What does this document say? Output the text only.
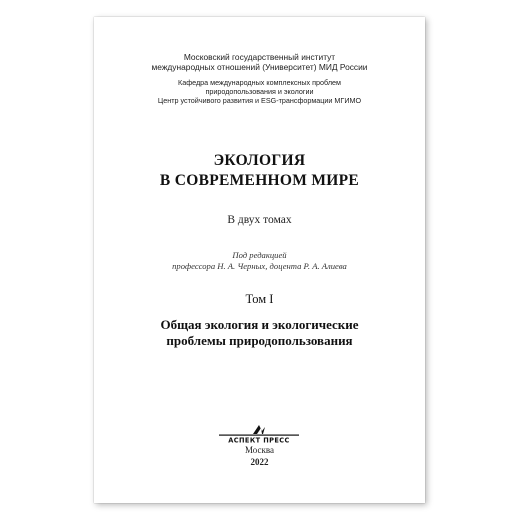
Московский государственный институт
международных отношений (Университет) МИД России
Кафедра международных комплексных проблем
природопользования и экологии
Центр устойчивого развития и ESG-трансформации МГИМО
ЭКОЛОГИЯ
В СОВРЕМЕННОМ МИРЕ
В двух томах
Под редакцией
профессора Н. А. Черных, доцента Р. А. Алиева
Том I
Общая экология и экологические
проблемы природопользования
АСПЕКТ ПРЕСС
Москва
2022
